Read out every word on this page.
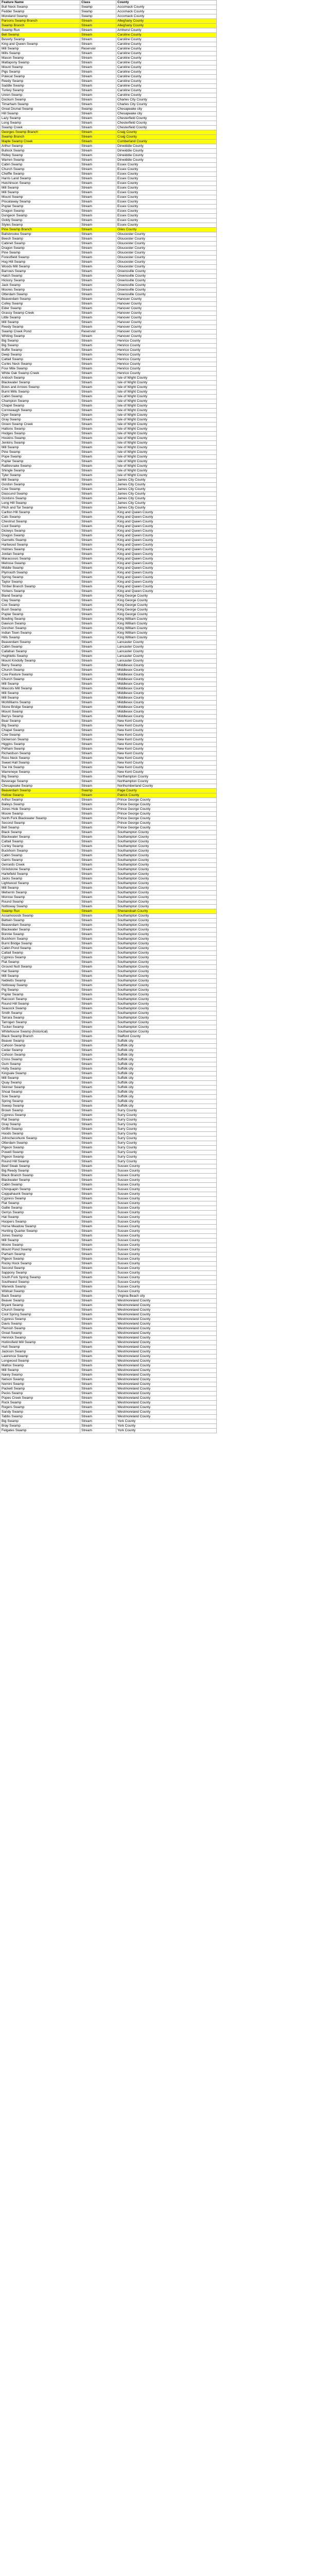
Feature Name	Class	County
Bull Neck Swamp	Swamp	Accomack County
Fedder Swamp	Swamp	Accomack County
Moreland Swamp	Swamp	Accomack County
Parsons Swamp Branch	Stream	Alleghany County
Swamp Branch	Stream	Alleghany County
Swamp Run	Stream	Amherst County
Bell Swamp	Stream	Caroline County
Beverly Swamp	Stream	Caroline County
King and Queen Swamp	Stream	Caroline County
Mill Swamp	Reservoir	Caroline County
Mills Swamp	Stream	Caroline County
Mason Swamp	Stream	Caroline County
Mattapony Swamp	Stream	Caroline County
Mount Swamp	Stream	Caroline County
Pigs Swamp	Stream	Caroline County
Polecat Swamp	Stream	Caroline County
Reedy Swamp	Stream	Caroline County
Saddle Swamp	Stream	Caroline County
Turkey Swamp	Stream	Caroline County
Union Swamp	Stream	Caroline County
Dockum Swamp	Stream	Charles City County
Timarham Swamp	Stream	Charles City County
Great Dismal Swamp	Swamp	Chesapeake city
Hill Swamp	Stream	Chesapeake city
Lazy Swamp	Stream	Chesterfield County
Long Swamp	Stream	Chesterfield County
Swamp Creek	Stream	Chesterfield County
Georges Swamp Branch	Stream	Craig County
Swamp Branch	Stream	Craig County
Maple Swamp Creek	Stream	Cumberland County
Arthur Swamp	Stream	Dinwiddie County
Bullock Swamp	Stream	Dinwiddie County
Ridley Swamp	Stream	Dinwiddie County
Warren Swamp	Stream	Dinwiddie County
Cabin Swamp	Stream	Essex County
Church Swamp	Stream	Essex County
Cheffle Swamp	Stream	Essex County
Harris Land Swamp	Stream	Essex County
Hutchinson Swamp	Stream	Essex County
Mill Swamp	Stream	Essex County
Mill Swamp	Stream	Essex County
Mount Swamp	Stream	Essex County
Piscataway Swamp	Stream	Essex County
Poplar Swamp	Stream	Essex County
Dragon Swamp	Stream	Essex County
Dungeon Swamp	Stream	Essex County
Goldy Swamp	Stream	Essex County
Styles Swamp	Stream	Essex County
Pine Swamp Branch	Stream	Giles County
Ballsbrooke Swamp	Stream	Gloucester County
Beech Swamp	Stream	Gloucester County
Cabinet Swamp	Stream	Gloucester County
Dragon Swamp	Stream	Gloucester County
Pine Swamp	Stream	Gloucester County
Forestfield Swamp	Stream	Gloucester County
Hog Hill Swamp	Stream	Gloucester County
Woods Mill Swamp	Stream	Gloucester County
Barrows Swamp	Stream	Greensville County
Hatch Swamp	Stream	Greensville County
Hickory Swamp	Stream	Greensville County
Jack Swamp	Stream	Greensville County
Moores Swamp	Stream	Greensville County
Otterdam Swamp	Stream	Greensville County
Beaverdam Swamp	Stream	Hanover County
Colley Swamp	Stream	Hanover County
Eider Swamp	Stream	Hanover County
Grassy Swamp Creek	Stream	Hanover County
Little Swamp	Stream	Hanover County
Mill Swamp	Stream	Hanover County
Reedy Swamp	Stream	Hanover County
Swamp Creek Pond	Reservoir	Hanover County
Whiting Swamp	Stream	Hanover County
Big Swamp	Stream	Henrico County
Big Swamp	Stream	Henrico County
Buffin Swamp	Stream	Henrico County
Deep Swamp	Stream	Henrico County
Cattail Swamp	Stream	Henrico County
Curles Neck Swamp	Stream	Henrico County
Four Mile Swamp	Stream	Henrico County
White Oak Swamp Creek	Stream	Henrico County
Antioch Swamp	Stream	Isle of Wight County
Blackwater Swamp	Stream	Isle of Wight County
Bows and Arrows Swamp	Stream	Isle of Wight County
Burnt Mills Swamp	Stream	Isle of Wight County
Cabin Swamp	Stream	Isle of Wight County
Champion Swamp	Stream	Isle of Wight County
Chapel Swamp	Stream	Isle of Wight County
Corrowaugh Swamp	Stream	Isle of Wight County
Dyer Swamp	Stream	Isle of Wight County
Gray Swamp	Stream	Isle of Wight County
Green Swamp Creek	Stream	Isle of Wight County
Hattons Swamp	Stream	Isle of Wight County
Hodges Swamp	Stream	Isle of Wight County
Hoskins Swamp	Stream	Isle of Wight County
Jenkins Swamp	Stream	Isle of Wight County
Mill Swamp	Stream	Isle of Wight County
Pine Swamp	Stream	Isle of Wight County
Pope Swamp	Stream	Isle of Wight County
Poplar Swamp	Stream	Isle of Wight County
Rattlesnake Swamp	Stream	Isle of Wight County
Shingle Swamp	Stream	Isle of Wight County
Tyler Swamp	Stream	Isle of Wight County
Mill Swamp	Stream	James City County
Gordon Swamp	Stream	James City County
Cow Swamp	Stream	James City County
Diascund Swamp	Stream	James City County
Gordons Swamp	Stream	James City County
Long Hill Swamp	Stream	James City County
Pitch and Tar Swamp	Stream	James City County
Carlton Hill Swamp	Stream	King and Queen County
Cats Swamp	Stream	King and Queen County
Chestnut Swamp	Stream	King and Queen County
Cool Swamp	Stream	King and Queen County
Dickeys Swamp	Stream	King and Queen County
Dragon Swamp	Stream	King and Queen County
Garnetts Swamp	Stream	King and Queen County
Hartwood Swamp	Stream	King and Queen County
Holmes Swamp	Stream	King and Queen County
Jordan Swamp	Stream	King and Queen County
Maracossic Swamp	Stream	King and Queen County
Melrose Swamp	Stream	King and Queen County
Middle Swamp	Stream	King and Queen County
Plymouth Swamp	Stream	King and Queen County
Spring Swamp	Stream	King and Queen County
Taylor Swamp	Stream	King and Queen County
Timber Branch Swamp	Stream	King and Queen County
Yorkers Swamp	Stream	King and Queen County
Bland Swamp	Stream	King George County
Clay Swamp	Stream	King George County
Cox Swamp	Stream	King George County
Bush Swamp	Stream	King George County
Poplar Swamp	Stream	King George County
Bowling Swamp	Stream	King William County
Dawson Swamp	Stream	King William County
Dorchen Swamp	Stream	King William County
Indian Town Swamp	Stream	King William County
Hills Swamp	Stream	King William County
Beaverdam Swamp	Stream	Lancaster County
Cabin Swamp	Stream	Lancaster County
Callahan Swamp	Stream	Lancaster County
Hughletts Swamp	Stream	Lancaster County
Mount Kindolly Swamp	Stream	Lancaster County
Berry Swamp	Stream	Middlesex County
Church Swamp	Stream	Middlesex County
Cow Pasture Swamp	Stream	Middlesex County
Church Swamp	Stream	Middlesex County
Mill Swamp	Stream	Middlesex County
Mascots Mill Swamp	Stream	Middlesex County
Mill Swamp	Stream	Middlesex County
Mill Swamp	Stream	Middlesex County
McWilliams Swamp	Stream	Middlesex County
Stone Bridge Swamp	Stream	Middlesex County
Mount Swamp	Stream	Middlesex County
Berrys Swamp	Stream	Middlesex County
Bear Swamp	Stream	New Kent County
Big Swamp	Stream	New Kent County
Chapel Swamp	Stream	New Kent County
Cow Swamp	Stream	New Kent County
Dickerson Swamp	Stream	New Kent County
Higgins Swamp	Stream	New Kent County
Pelham Swamp	Stream	New Kent County
Richardson Swamp	Stream	New Kent County
Ross Neck Swamp	Stream	New Kent County
Sweet Hall Swamp	Stream	New Kent County
Toe Ink Swamp	Stream	New Kent County
Warreneye Swamp	Stream	New Kent County
Big Swamp	Stream	Northampton County
Beverage Swamp	Stream	Northampton County
Chesapeake Swamp	Stream	Northumberland County
Beaverdam Swamp	Swamp	Page County
Hollow Swamp	Stream	Patrick County
Arthur Swamp	Stream	Prince George County
Baileys Swamp	Stream	Prince George County
Jones Hole Swamp	Stream	Prince George County
Moore Swamp	Stream	Prince George County
North Fork Blackwater Swamp	Stream	Prince George County
Second Swamp	Stream	Prince George County
Bell Swamp	Stream	Prince George County
Black Swamp	Stream	Southampton County
Blackwater Swamp	Stream	Southampton County
Cattail Swamp	Stream	Southampton County
Corley Swamp	Stream	Southampton County
Buckhorn Swamp	Stream	Southampton County
Cabin Swamp	Stream	Southampton County
Garris Swamp	Stream	Southampton County
Gerrards Creek	Stream	Southampton County
Grindstone Swamp	Stream	Southampton County
Hartefield Swamp	Stream	Southampton County
Jacks Swamp	Stream	Southampton County
Lightwood Swamp	Stream	Southampton County
Mill Swamp	Stream	Southampton County
Meherrin Swamp	Stream	Southampton County
Monroe Swamp	Stream	Southampton County
Round Swamp	Stream	Southampton County
Nottoway Swamp	Stream	Southampton County
Swamp Run	Stream	Shenandoah County
Assamoosick Swamp	Stream	Southampton County
Beltwin Swamp	Stream	Southampton County
Beaverdam Swamp	Stream	Southampton County
Blackwater Swamp	Stream	Southampton County
Bonnie Swamp	Stream	Southampton County
Buckhorn Swamp	Stream	Southampton County
Burnt Bridge Swamp	Stream	Southampton County
Cabin Pond Swamp	Stream	Southampton County
Cattail Swamp	Stream	Southampton County
Cypress Swamp	Stream	Southampton County
Flat Swamp	Stream	Southampton County
Ground Nutt Swamp	Stream	Southampton County
Hat Swamp	Stream	Southampton County
Mill Swamp	Stream	Southampton County
Nebletts Swamp	Stream	Southampton County
Nottoway Swamp	Stream	Southampton County
Pig Swamp	Stream	Southampton County
Poplar Swamp	Stream	Southampton County
Raccoon Swamp	Stream	Southampton County
Round Hill Swamp	Stream	Southampton County
Seacock Swamp	Stream	Southampton County
Smith Swamp	Stream	Southampton County
Tarrara Swamp	Stream	Southampton County
Tarrogen Swamp	Stream	Southampton County
Tucker Swamp	Stream	Southampton County
Whitehouse Swamp (historical)	Stream	Southampton County
Black Swamp Branch	Stream	Stafford County
Beaver Swamp	Stream	Suffolk city
Cahoon Swamp	Stream	Suffolk city
Cedar Swamp	Stream	Suffolk city
Cohoon Swamp	Stream	Suffolk city
Cross Swamp	Stream	Suffolk city
Gum Swamp	Stream	Suffolk city
Holly Swamp	Stream	Suffolk city
Kingsale Swamp	Stream	Suffolk city
Mill Swamp	Stream	Suffolk city
Quay Swamp	Stream	Suffolk city
Skinner Swamp	Stream	Suffolk city
Shoal Swamp	Stream	Suffolk city
Sow Swamp	Stream	Suffolk city
Spring Swamp	Stream	Suffolk city
Sweep Swamp	Stream	Suffolk city
Brown Swamp	Stream	Surry County
Cypress Swamp	Stream	Surry County
Flat Swamp	Stream	Surry County
Gray Swamp	Stream	Surry County
Griffin Swamp	Stream	Surry County
Hoods Swamp	Stream	Surry County
Johnchecohunk Swamp	Stream	Surry County
Otterdam Swamp	Stream	Surry County
Pigeon Swamp	Stream	Surry County
Powell Swamp	Stream	Surry County
Pigeon Swamp	Stream	Surry County
Round Hill Swamp	Stream	Surry County
Beef Steak Swamp	Stream	Sussex County
Big Reedy Swamp	Stream	Sussex County
Black Branch Swamp	Stream	Sussex County
Blackwater Swamp	Stream	Sussex County
Cabin Swamp	Stream	Sussex County
Chinquapin Swamp	Stream	Sussex County
Coppahaunk Swamp	Stream	Sussex County
Cypress Swamp	Stream	Sussex County
Flat Swamp	Stream	Sussex County
Gallie Swamp	Stream	Sussex County
Gerrys Swamp	Stream	Sussex County
Hat Swamp	Stream	Sussex County
Hoopers Swamp	Stream	Sussex County
Horse Meadow Swamp	Stream	Sussex County
Hunting Quarter Swamp	Stream	Sussex County
Jones Swamp	Stream	Sussex County
Mill Swamp	Stream	Sussex County
Moore Swamp	Stream	Sussex County
Mount Pond Swamp	Stream	Sussex County
Parham Swamp	Stream	Sussex County
Pigeon Swamp	Stream	Sussex County
Rocky Hock Swamp	Stream	Sussex County
Second Swamp	Stream	Sussex County
Sappony Swamp	Stream	Sussex County
South Fork Spring Swamp	Stream	Sussex County
Southwest Swamp	Stream	Sussex County
Warwick Swamp	Stream	Sussex County
Wildcat Swamp	Stream	Sussex County
Back Swamp	Stream	Virginia Beach city
Beaver Swamp	Stream	Westmoreland County
Bryant Swamp	Stream	Westmoreland County
Church Swamp	Stream	Westmoreland County
Cool Spring Swamp	Stream	Westmoreland County
Cypress Swamp	Stream	Westmoreland County
Davis Swamp	Stream	Westmoreland County
Flemish Swamp	Stream	Westmoreland County
Great Swamp	Stream	Westmoreland County
Hennick Swamp	Stream	Westmoreland County
Hollinsfield Mill Swamp	Stream	Westmoreland County
Hutt Swamp	Stream	Westmoreland County
Jackson Swamp	Stream	Westmoreland County
Lawrence Swamp	Stream	Westmoreland County
Longwood Swamp	Stream	Westmoreland County
Mattox Swamp	Stream	Westmoreland County
Mill Swamp	Stream	Westmoreland County
Narey Swamp	Stream	Westmoreland County
Nelson Swamp	Stream	Westmoreland County
Nomini Swamp	Stream	Westmoreland County
Packett Swamp	Stream	Westmoreland County
Pecks Swamp	Stream	Westmoreland County
Popes Creek Swamp	Stream	Westmoreland County
Rock Swamp	Stream	Westmoreland County
Rogers Swamp	Stream	Westmoreland County
Sandy Swamp	Stream	Westmoreland County
Tabbs Swamp	Stream	Westmoreland County
Big Swamp	Stream	York County
Bray Swamp	Stream	York County
Felgates Swamp	Stream	York County
